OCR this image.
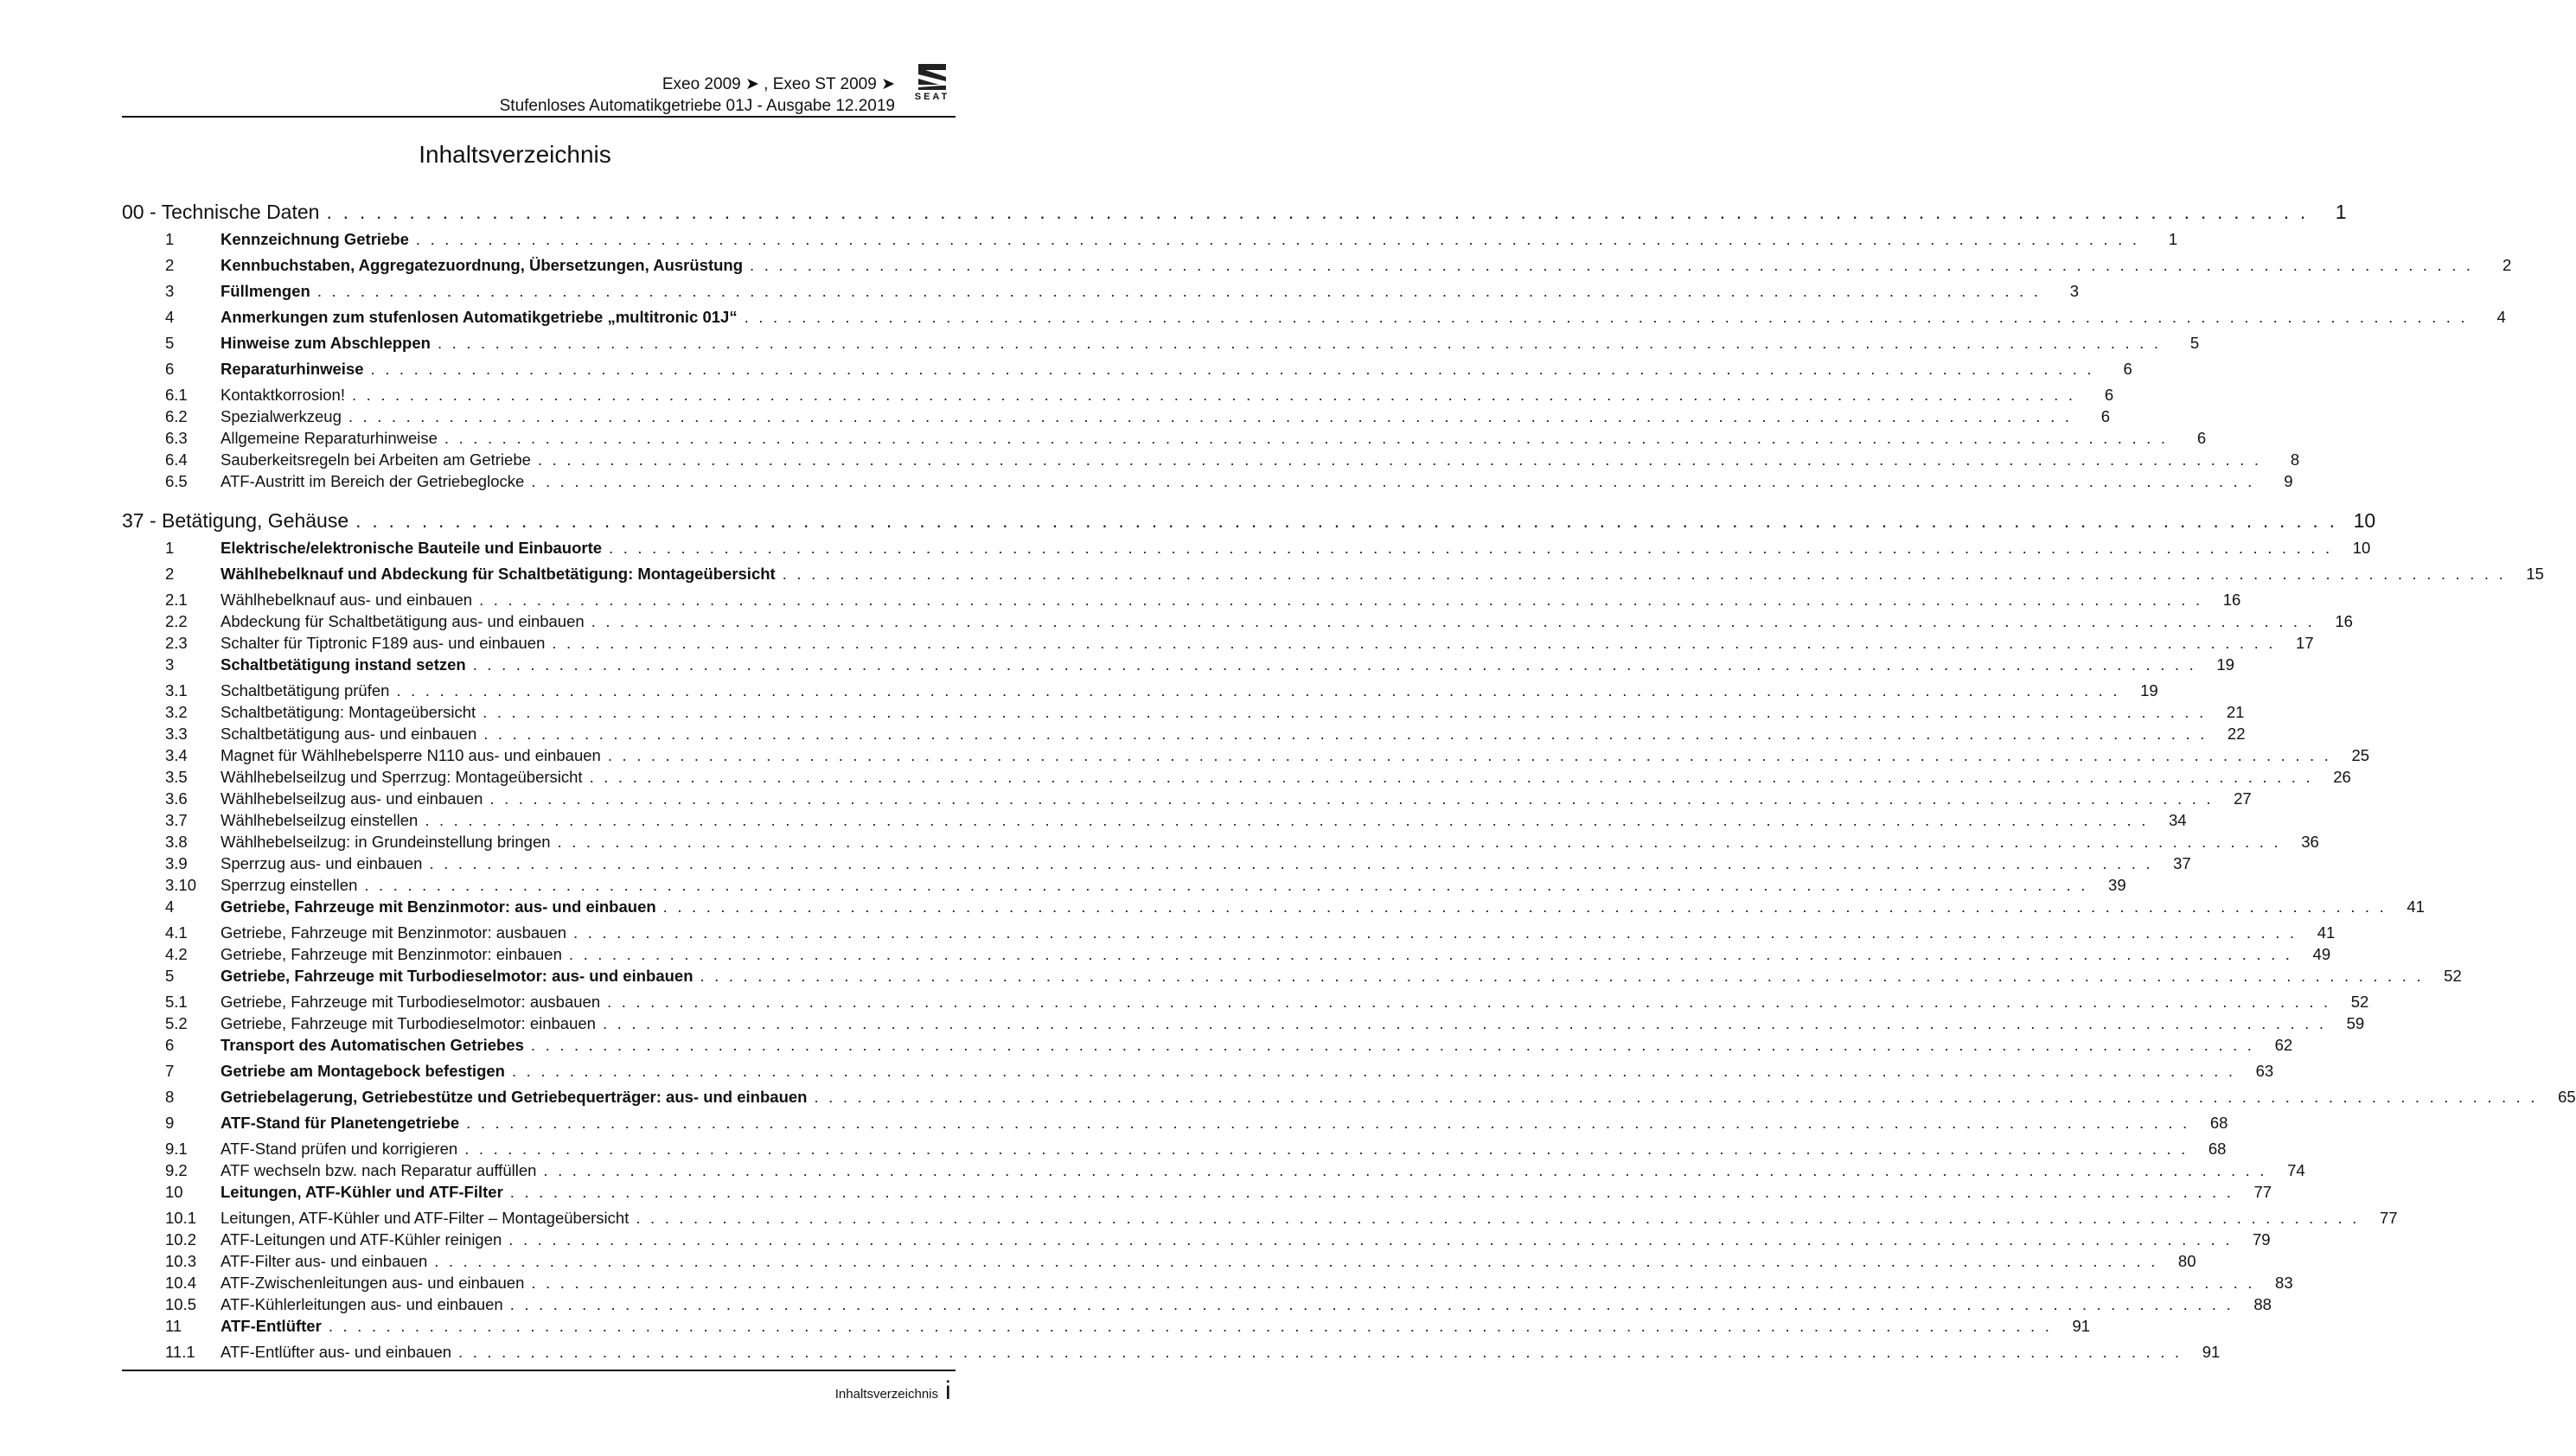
Exeo 2009 ➤ , Exeo ST 2009 ➤
Stufenloses Automatikgetriebe 01J - Ausgabe 12.2019	SEAT
Inhaltsverzeichnis
00 - Technische Daten . . . . . . . . . . . . . . . . . . . . . . . . . . . . . . . . . . . . . . . . . . . . . . . . . . . . . . . . . . . . . . . . . . . . . . . . . . . . . . . . . . . . . . . . . . . . . . . . . . . . . . . . . . . . . . . . . . . . . . . .	1
1	Kennzeichnung Getriebe . . . . . . . . . . . . . . . . . . . . . . . . . . . . . . . . . . . . . . . . . . . . . . . . . . . . . . . . . . . . . . . . . . . . . . . . . . . . . . . . . . . . . . . . . . . . . . . . . . . . . . . . . . . . . . . . . . . . . . . .	1
2	Kennbuchstaben, Aggregatezuordnung, Übersetzungen, Ausrüstung . . . . . . . . . . . . . . . . . . . . . . . . . . . . . . . . . . . . . . . . . . . . . . . . . . . . . . . . . . . . . . . . . . . . . . . . . . . . . . . . . . . . . . . . . . . . . . . . . . . . . . . . . . . . . . . . . . . . . . . .	2
3	Füllmengen . . . . . . . . . . . . . . . . . . . . . . . . . . . . . . . . . . . . . . . . . . . . . . . . . . . . . . . . . . . . . . . . . . . . . . . . . . . . . . . . . . . . . . . . . . . . . . . . . . . . . . . . . . . . . . . . . . . . . . . .	3
4	Anmerkungen zum stufenlosen Automatikgetriebe „multitronic 01J“ . . . . . . . . . . . . . . . . . . . . . . . . . . . . . . . . . . . . . . . . . . . . . . . . . . . . . . . . . . . . . . . . . . . . . . . . . . . . . . . . . . . . . . . . . . . . . . . . . . . . . . . . . . . . . . . . . . . . . . . .	4
5	Hinweise zum Abschleppen . . . . . . . . . . . . . . . . . . . . . . . . . . . . . . . . . . . . . . . . . . . . . . . . . . . . . . . . . . . . . . . . . . . . . . . . . . . . . . . . . . . . . . . . . . . . . . . . . . . . . . . . . . . . . . . . . . . . . . . .	5
6	Reparaturhinweise . . . . . . . . . . . . . . . . . . . . . . . . . . . . . . . . . . . . . . . . . . . . . . . . . . . . . . . . . . . . . . . . . . . . . . . . . . . . . . . . . . . . . . . . . . . . . . . . . . . . . . . . . . . . . . . . . . . . . . . .	6
6.1	Kontaktkorrosion! . . . . . . . . . . . . . . . . . . . . . . . . . . . . . . . . . . . . . . . . . . . . . . . . . . . . . . . . . . . . . . . . . . . . . . . . . . . . . . . . . . . . . . . . . . . . . . . . . . . . . . . . . . . . . . . . . . . . . . . .	6
6.2	Spezialwerkzeug . . . . . . . . . . . . . . . . . . . . . . . . . . . . . . . . . . . . . . . . . . . . . . . . . . . . . . . . . . . . . . . . . . . . . . . . . . . . . . . . . . . . . . . . . . . . . . . . . . . . . . . . . . . . . . . . . . . . . . . .	6
6.3	Allgemeine Reparaturhinweise . . . . . . . . . . . . . . . . . . . . . . . . . . . . . . . . . . . . . . . . . . . . . . . . . . . . . . . . . . . . . . . . . . . . . . . . . . . . . . . . . . . . . . . . . . . . . . . . . . . . . . . . . . . . . . . . . . . . . . . .	6
6.4	Sauberkeitsregeln bei Arbeiten am Getriebe . . . . . . . . . . . . . . . . . . . . . . . . . . . . . . . . . . . . . . . . . . . . . . . . . . . . . . . . . . . . . . . . . . . . . . . . . . . . . . . . . . . . . . . . . . . . . . . . . . . . . . . . . . . . . . . . . . . . . . . .	8
6.5	ATF-Austritt im Bereich der Getriebeglocke . . . . . . . . . . . . . . . . . . . . . . . . . . . . . . . . . . . . . . . . . . . . . . . . . . . . . . . . . . . . . . . . . . . . . . . . . . . . . . . . . . . . . . . . . . . . . . . . . . . . . . . . . . . . . . . . . . . . . . . .	9
37 - Betätigung, Gehäuse . . . . . . . . . . . . . . . . . . . . . . . . . . . . . . . . . . . . . . . . . . . . . . . . . . . . . . . . . . . . . . . . . . . . . . . . . . . . . . . . . . . . . . . . . . . . . . . . . . . . . . . . . . . . . . . . . . . . . . . . 10
1	Elektrische/elektronische Bauteile und Einbauorte . . . . . . . . . . . . . . . . . . . . . . . . . . . . . . . . . . . . . . . . . . . . . . . . . . . . . . . . . . . . . . . . . . . . . . . . . . . . . . . . . . . . . . . . . . . . . . . . . . . . . . . . . . . . . . . . . . . . . . . .	10
2	Wählhebelknauf und Abdeckung für Schaltbetätigung: Montageübersicht . . . . . . . . . . . . . . . . . . . . . . . . . . . . . . . . . . . . . . . . . . . . . . . . . . . . . . . . . . . . . . . . . . . . . . . . . . . . . . . . . . . . . . . . . . . . . . . . . . . . . . . . . . . . . . . . . . . . . . . .	15
2.1	Wählhebelknauf aus- und einbauen . . . . . . . . . . . . . . . . . . . . . . . . . . . . . . . . . . . . . . . . . . . . . . . . . . . . . . . . . . . . . . . . . . . . . . . . . . . . . . . . . . . . . . . . . . . . . . . . . . . . . . . . . . . . . . . . . . . . . . . .	16
2.2	Abdeckung für Schaltbetätigung aus- und einbauen . . . . . . . . . . . . . . . . . . . . . . . . . . . . . . . . . . . . . . . . . . . . . . . . . . . . . . . . . . . . . . . . . . . . . . . . . . . . . . . . . . . . . . . . . . . . . . . . . . . . . . . . . . . . . . . . . . . . . . . .	16
2.3	Schalter für Tiptronic F189 aus- und einbauen . . . . . . . . . . . . . . . . . . . . . . . . . . . . . . . . . . . . . . . . . . . . . . . . . . . . . . . . . . . . . . . . . . . . . . . . . . . . . . . . . . . . . . . . . . . . . . . . . . . . . . . . . . . . . . . . . . . . . . . .	17
3	Schaltbetätigung instand setzen . . . . . . . . . . . . . . . . . . . . . . . . . . . . . . . . . . . . . . . . . . . . . . . . . . . . . . . . . . . . . . . . . . . . . . . . . . . . . . . . . . . . . . . . . . . . . . . . . . . . . . . . . . . . . . . . . . . . . . . .	19
3.1	Schaltbetätigung prüfen . . . . . . . . . . . . . . . . . . . . . . . . . . . . . . . . . . . . . . . . . . . . . . . . . . . . . . . . . . . . . . . . . . . . . . . . . . . . . . . . . . . . . . . . . . . . . . . . . . . . . . . . . . . . . . . . . . . . . . . .	19
3.2	Schaltbetätigung: Montageübersicht . . . . . . . . . . . . . . . . . . . . . . . . . . . . . . . . . . . . . . . . . . . . . . . . . . . . . . . . . . . . . . . . . . . . . . . . . . . . . . . . . . . . . . . . . . . . . . . . . . . . . . . . . . . . . . . . . . . . . . . .	21
3.3	Schaltbetätigung aus- und einbauen . . . . . . . . . . . . . . . . . . . . . . . . . . . . . . . . . . . . . . . . . . . . . . . . . . . . . . . . . . . . . . . . . . . . . . . . . . . . . . . . . . . . . . . . . . . . . . . . . . . . . . . . . . . . . . . . . . . . . . . .	22
3.4	Magnet für Wählhebelsperre N110 aus- und einbauen . . . . . . . . . . . . . . . . . . . . . . . . . . . . . . . . . . . . . . . . . . . . . . . . . . . . . . . . . . . . . . . . . . . . . . . . . . . . . . . . . . . . . . . . . . . . . . . . . . . . . . . . . . . . . . . . . . . . . . . .	25
3.5	Wählhebelseilzug und Sperrzug: Montageübersicht . . . . . . . . . . . . . . . . . . . . . . . . . . . . . . . . . . . . . . . . . . . . . . . . . . . . . . . . . . . . . . . . . . . . . . . . . . . . . . . . . . . . . . . . . . . . . . . . . . . . . . . . . . . . . . . . . . . . . . . .	26
3.6	Wählhebelseilzug aus- und einbauen . . . . . . . . . . . . . . . . . . . . . . . . . . . . . . . . . . . . . . . . . . . . . . . . . . . . . . . . . . . . . . . . . . . . . . . . . . . . . . . . . . . . . . . . . . . . . . . . . . . . . . . . . . . . . . . . . . . . . . . .	27
3.7	Wählhebelseilzug einstellen . . . . . . . . . . . . . . . . . . . . . . . . . . . . . . . . . . . . . . . . . . . . . . . . . . . . . . . . . . . . . . . . . . . . . . . . . . . . . . . . . . . . . . . . . . . . . . . . . . . . . . . . . . . . . . . . . . . . . . . .	34
3.8	Wählhebelseilzug: in Grundeinstellung bringen . . . . . . . . . . . . . . . . . . . . . . . . . . . . . . . . . . . . . . . . . . . . . . . . . . . . . . . . . . . . . . . . . . . . . . . . . . . . . . . . . . . . . . . . . . . . . . . . . . . . . . . . . . . . . . . . . . . . . . . .	36
3.9	Sperrzug aus- und einbauen . . . . . . . . . . . . . . . . . . . . . . . . . . . . . . . . . . . . . . . . . . . . . . . . . . . . . . . . . . . . . . . . . . . . . . . . . . . . . . . . . . . . . . . . . . . . . . . . . . . . . . . . . . . . . . . . . . . . . . . .	37
3.10	Sperrzug einstellen . . . . . . . . . . . . . . . . . . . . . . . . . . . . . . . . . . . . . . . . . . . . . . . . . . . . . . . . . . . . . . . . . . . . . . . . . . . . . . . . . . . . . . . . . . . . . . . . . . . . . . . . . . . . . . . . . . . . . . . .	39
4	Getriebe, Fahrzeuge mit Benzinmotor: aus- und einbauen . . . . . . . . . . . . . . . . . . . . . . . . . . . . . . . . . . . . . . . . . . . . . . . . . . . . . . . . . . . . . . . . . . . . . . . . . . . . . . . . . . . . . . . . . . . . . . . . . . . . . . . . . . . . . . . . . . . . . . . .	41
4.1	Getriebe, Fahrzeuge mit Benzinmotor: ausbauen . . . . . . . . . . . . . . . . . . . . . . . . . . . . . . . . . . . . . . . . . . . . . . . . . . . . . . . . . . . . . . . . . . . . . . . . . . . . . . . . . . . . . . . . . . . . . . . . . . . . . . . . . . . . . . . . . . . . . . . .	41
4.2	Getriebe, Fahrzeuge mit Benzinmotor: einbauen . . . . . . . . . . . . . . . . . . . . . . . . . . . . . . . . . . . . . . . . . . . . . . . . . . . . . . . . . . . . . . . . . . . . . . . . . . . . . . . . . . . . . . . . . . . . . . . . . . . . . . . . . . . . . . . . . . . . . . . .	49
5	Getriebe, Fahrzeuge mit Turbodieselmotor: aus- und einbauen . . . . . . . . . . . . . . . . . . . . . . . . . . . . . . . . . . . . . . . . . . . . . . . . . . . . . . . . . . . . . . . . . . . . . . . . . . . . . . . . . . . . . . . . . . . . . . . . . . . . . . . . . . . . . . . . . . . . . . . .	52
5.1	Getriebe, Fahrzeuge mit Turbodieselmotor: ausbauen . . . . . . . . . . . . . . . . . . . . . . . . . . . . . . . . . . . . . . . . . . . . . . . . . . . . . . . . . . . . . . . . . . . . . . . . . . . . . . . . . . . . . . . . . . . . . . . . . . . . . . . . . . . . . . . . . . . . . . . .	52
5.2	Getriebe, Fahrzeuge mit Turbodieselmotor: einbauen . . . . . . . . . . . . . . . . . . . . . . . . . . . . . . . . . . . . . . . . . . . . . . . . . . . . . . . . . . . . . . . . . . . . . . . . . . . . . . . . . . . . . . . . . . . . . . . . . . . . . . . . . . . . . . . . . . . . . . . .	59
6	Transport des Automatischen Getriebes . . . . . . . . . . . . . . . . . . . . . . . . . . . . . . . . . . . . . . . . . . . . . . . . . . . . . . . . . . . . . . . . . . . . . . . . . . . . . . . . . . . . . . . . . . . . . . . . . . . . . . . . . . . . . . . . . . . . . . . .	62
7	Getriebe am Montagebock befestigen . . . . . . . . . . . . . . . . . . . . . . . . . . . . . . . . . . . . . . . . . . . . . . . . . . . . . . . . . . . . . . . . . . . . . . . . . . . . . . . . . . . . . . . . . . . . . . . . . . . . . . . . . . . . . . . . . . . . . . . .	63
8	Getriebelagerung, Getriebestütze und Getriebequerträger: aus- und einbauen . . . . . . . . . . . . . . . . . . . . . . . . . . . . . . . . . . . . . . . . . . . . . . . . . . . . . . . . . . . . . . . . . . . . . . . . . . . . . . . . . . . . . . . . . . . . . . . . . . . . . . . . . . . . . . . . . . . . . . . .	65
9	ATF-Stand für Planetengetriebe . . . . . . . . . . . . . . . . . . . . . . . . . . . . . . . . . . . . . . . . . . . . . . . . . . . . . . . . . . . . . . . . . . . . . . . . . . . . . . . . . . . . . . . . . . . . . . . . . . . . . . . . . . . . . . . . . . . . . . . .	68
9.1	ATF-Stand prüfen und korrigieren . . . . . . . . . . . . . . . . . . . . . . . . . . . . . . . . . . . . . . . . . . . . . . . . . . . . . . . . . . . . . . . . . . . . . . . . . . . . . . . . . . . . . . . . . . . . . . . . . . . . . . . . . . . . . . . . . . . . . . . .	68
9.2	ATF wechseln bzw. nach Reparatur auffüllen . . . . . . . . . . . . . . . . . . . . . . . . . . . . . . . . . . . . . . . . . . . . . . . . . . . . . . . . . . . . . . . . . . . . . . . . . . . . . . . . . . . . . . . . . . . . . . . . . . . . . . . . . . . . . . . . . . . . . . . .	74
10	Leitungen, ATF-Kühler und ATF-Filter . . . . . . . . . . . . . . . . . . . . . . . . . . . . . . . . . . . . . . . . . . . . . . . . . . . . . . . . . . . . . . . . . . . . . . . . . . . . . . . . . . . . . . . . . . . . . . . . . . . . . . . . . . . . . . . . . . . . . . . .	77
10.1	Leitungen, ATF-Kühler und ATF-Filter – Montageübersicht . . . . . . . . . . . . . . . . . . . . . . . . . . . . . . . . . . . . . . . . . . . . . . . . . . . . . . . . . . . . . . . . . . . . . . . . . . . . . . . . . . . . . . . . . . . . . . . . . . . . . . . . . . . . . . . . . . . . . . . .	77
10.2	ATF-Leitungen und ATF-Kühler reinigen . . . . . . . . . . . . . . . . . . . . . . . . . . . . . . . . . . . . . . . . . . . . . . . . . . . . . . . . . . . . . . . . . . . . . . . . . . . . . . . . . . . . . . . . . . . . . . . . . . . . . . . . . . . . . . . . . . . . . . . .	79
10.3	ATF-Filter aus- und einbauen . . . . . . . . . . . . . . . . . . . . . . . . . . . . . . . . . . . . . . . . . . . . . . . . . . . . . . . . . . . . . . . . . . . . . . . . . . . . . . . . . . . . . . . . . . . . . . . . . . . . . . . . . . . . . . . . . . . . . . . .	80
10.4	ATF-Zwischenleitungen aus- und einbauen . . . . . . . . . . . . . . . . . . . . . . . . . . . . . . . . . . . . . . . . . . . . . . . . . . . . . . . . . . . . . . . . . . . . . . . . . . . . . . . . . . . . . . . . . . . . . . . . . . . . . . . . . . . . . . . . . . . . . . . .	83
10.5	ATF-Kühlerleitungen aus- und einbauen . . . . . . . . . . . . . . . . . . . . . . . . . . . . . . . . . . . . . . . . . . . . . . . . . . . . . . . . . . . . . . . . . . . . . . . . . . . . . . . . . . . . . . . . . . . . . . . . . . . . . . . . . . . . . . . . . . . . . . . .	88
11	ATF-Entlüfter . . . . . . . . . . . . . . . . . . . . . . . . . . . . . . . . . . . . . . . . . . . . . . . . . . . . . . . . . . . . . . . . . . . . . . . . . . . . . . . . . . . . . . . . . . . . . . . . . . . . . . . . . . . . . . . . . . . . . . . .	91
11.1	ATF-Entlüfter aus- und einbauen . . . . . . . . . . . . . . . . . . . . . . . . . . . . . . . . . . . . . . . . . . . . . . . . . . . . . . . . . . . . . . . . . . . . . . . . . . . . . . . . . . . . . . . . . . . . . . . . . . . . . . . . . . . . . . . . . . . . . . . .	91
Inhaltsverzeichnis i
